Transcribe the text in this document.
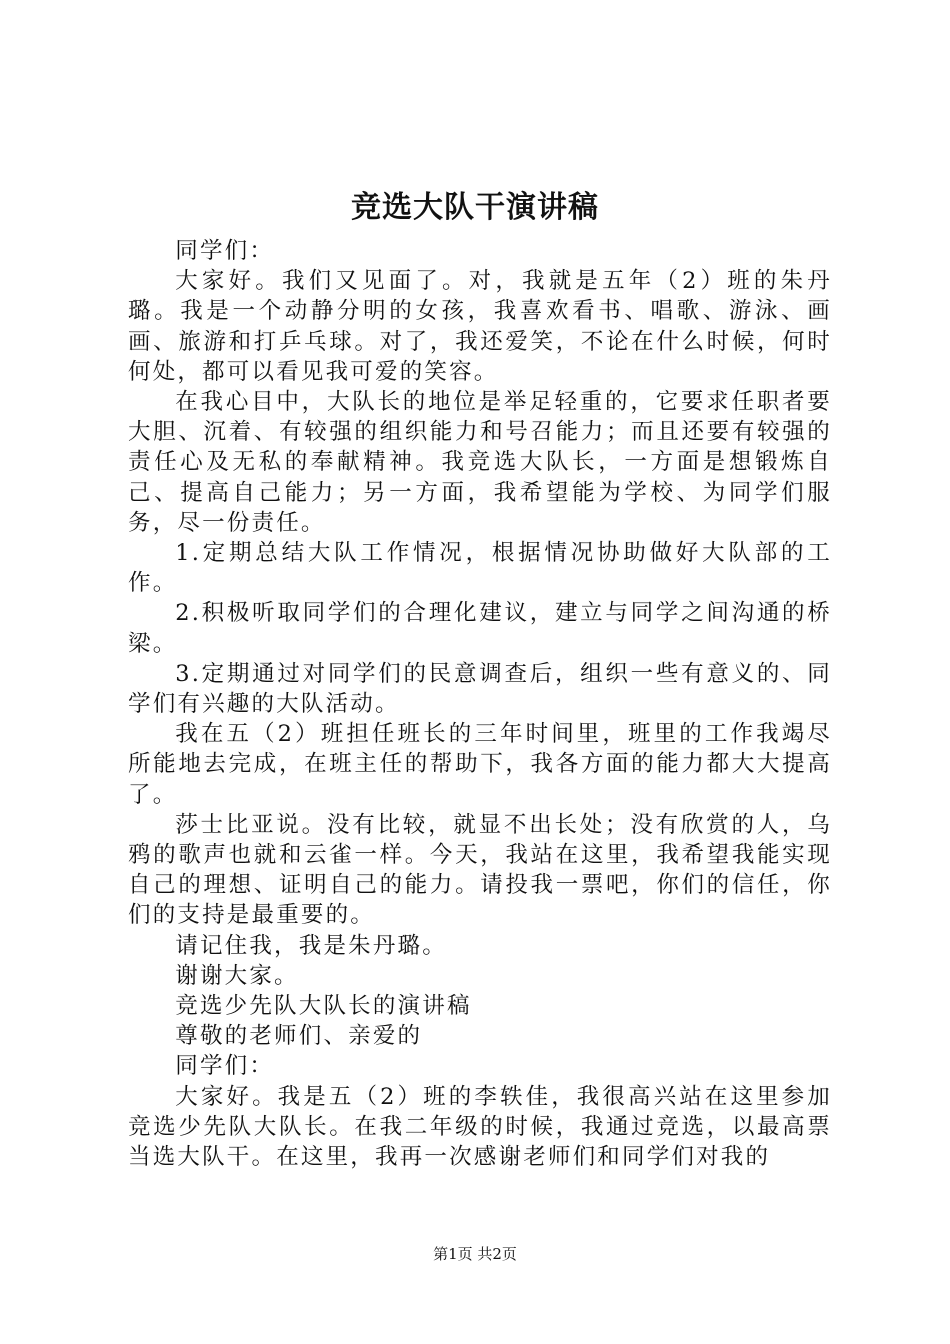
竞选大队干演讲稿

同学们：

大家好。我们又见面了。对，我就是五年（2）班的朱丹璐。我是一个动静分明的女孩，我喜欢看书、唱歌、游泳、画画、旅游和打乒乓球。对了，我还爱笑，不论在什么时候，何时何处，都可以看见我可爱的笑容。

在我心目中，大队长的地位是举足轻重的，它要求任职者要大胆、沉着、有较强的组织能力和号召能力；而且还要有较强的责任心及无私的奉献精神。我竞选大队长，一方面是想锻炼自己、提高自己能力；另一方面，我希望能为学校、为同学们服务，尽一份责任。

1.定期总结大队工作情况，根据情况协助做好大队部的工作。

2.积极听取同学们的合理化建议，建立与同学之间沟通的桥梁。

3.定期通过对同学们的民意调查后，组织一些有意义的、同学们有兴趣的大队活动。

我在五（2）班担任班长的三年时间里，班里的工作我竭尽所能地去完成，在班主任的帮助下，我各方面的能力都大大提高了。

莎士比亚说。没有比较，就显不出长处；没有欣赏的人，乌鸦的歌声也就和云雀一样。今天，我站在这里，我希望我能实现自己的理想、证明自己的能力。请投我一票吧，你们的信任，你们的支持是最重要的。

请记住我，我是朱丹璐。

谢谢大家。

竞选少先队大队长的演讲稿

尊敬的老师们、亲爱的

同学们：

大家好。我是五（2）班的李轶佳，我很高兴站在这里参加竞选少先队大队长。在我二年级的时候，我通过竞选，以最高票当选大队干。在这里，我再一次感谢老师们和同学们对我的

第1页 共2页
